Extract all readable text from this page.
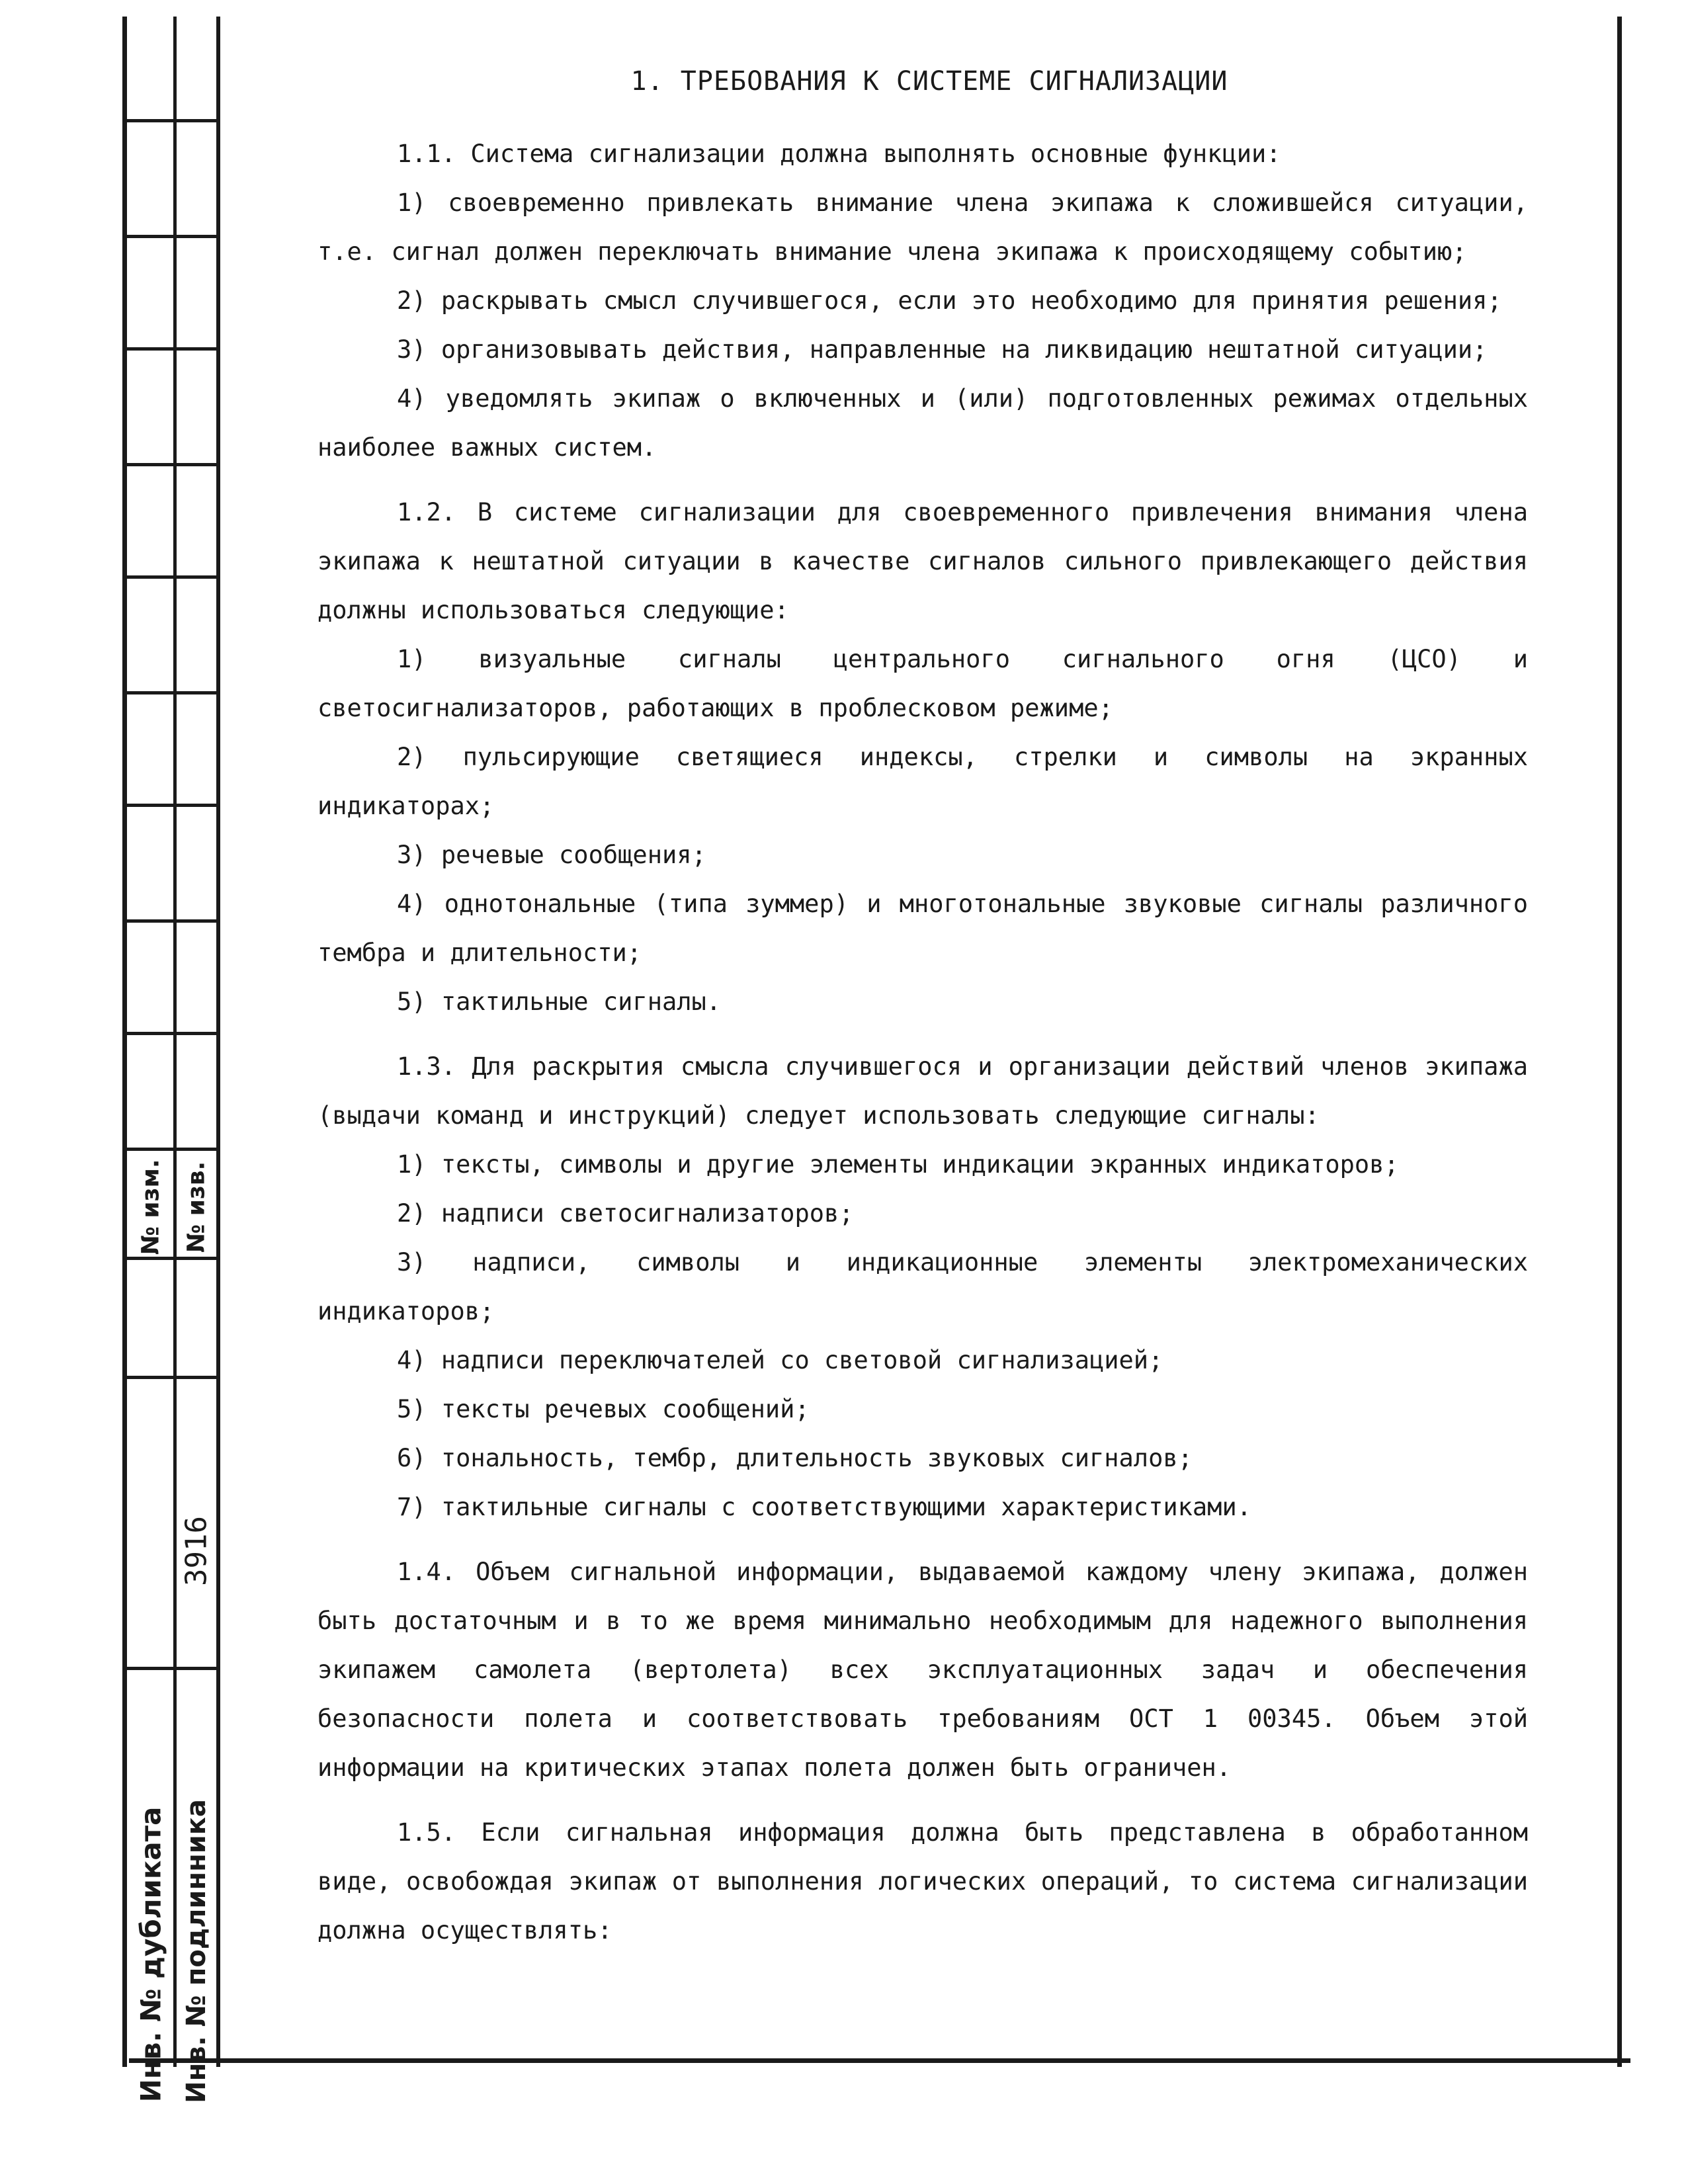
№ изм. № изв.
3916
Инв. № дубликата Инв. № подлинника
1. ТРЕБОВАНИЯ К СИСТЕМЕ СИГНАЛИЗАЦИИ

1.1. Система сигнализации должна выполнять основные функции:

1) своевременно привлекать внимание члена экипажа к сложившейся ситуации, т.е. сигнал должен переключать внимание члена экипажа к происходящему событию;

2) раскрывать смысл случившегося, если это необходимо для принятия решения;

3) организовывать действия, направленные на ликвидацию нештатной ситуации;

4) уведомлять экипаж о включенных и (или) подготовленных режимах отдельных наиболее важных систем.

1.2. В системе сигнализации для своевременного привлечения внимания члена экипажа к нештатной ситуации в качестве сигналов сильного привлекающего действия должны использоваться следующие:

1) визуальные сигналы центрального сигнального огня (ЦСО) и светосигнализаторов, работающих в проблесковом режиме;

2) пульсирующие светящиеся индексы, стрелки и символы на экранных индикаторах;

3) речевые сообщения;

4) однотональные (типа зуммер) и многотональные звуковые сигналы различного тембра и длительности;

5) тактильные сигналы.

1.3. Для раскрытия смысла случившегося и организации действий членов экипажа (выдачи команд и инструкций) следует использовать следующие сигналы:

1) тексты, символы и другие элементы индикации экранных индикаторов;

2) надписи светосигнализаторов;

3) надписи, символы и индикационные элементы электромеханических индикаторов;

4) надписи переключателей со световой сигнализацией;

5) тексты речевых сообщений;

6) тональность, тембр, длительность звуковых сигналов;

7) тактильные сигналы с соответствующими характеристиками.

1.4. Объем сигнальной информации, выдаваемой каждому члену экипажа, должен быть достаточным и в то же время минимально необходимым для надежного выполнения экипажем самолета (вертолета) всех эксплуатационных задач и обеспечения безопасности полета и соответствовать требованиям ОСТ 1 00345. Объем этой информации на критических этапах полета должен быть ограничен.

1.5. Если сигнальная информация должна быть представлена в обработанном виде, освобождая экипаж от выполнения логических операций, то система сигнализации должна осуществлять:
